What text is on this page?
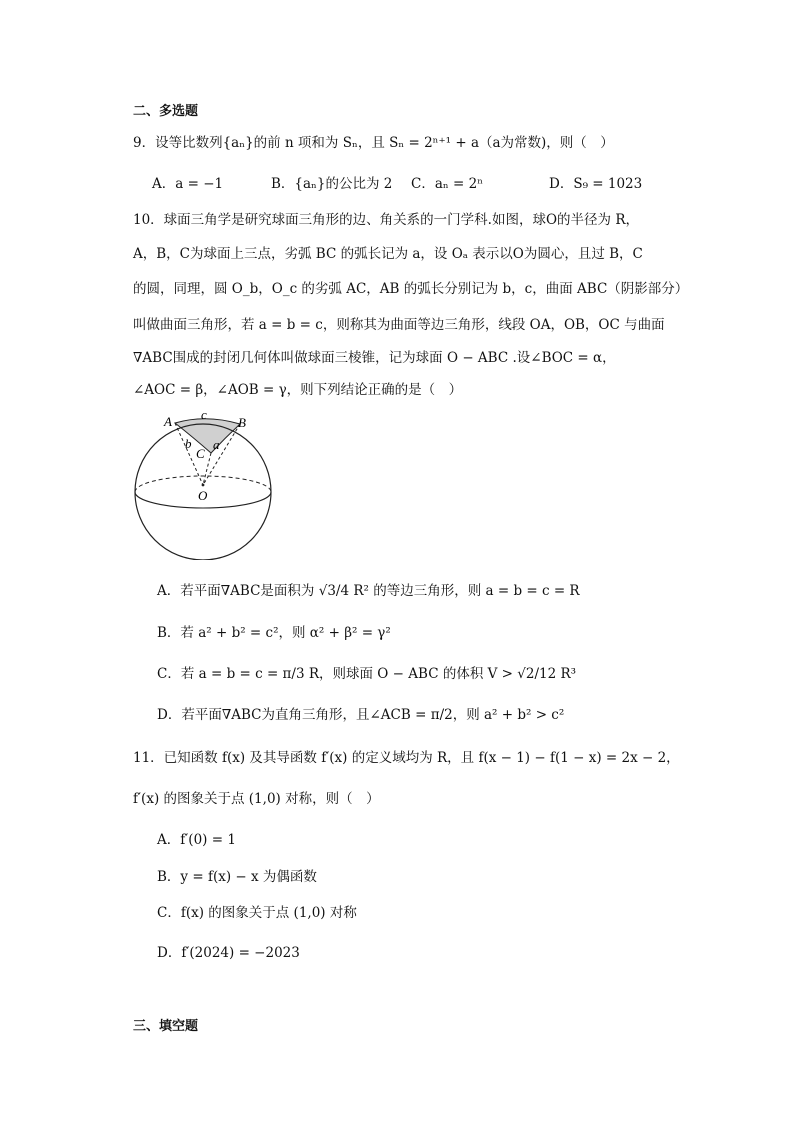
二、多选题
9．设等比数列{aₙ}的前 n 项和为 Sₙ，且 Sₙ = 2ⁿ⁺¹ + a（a为常数)，则（　）
A．a = −1	B．{aₙ}的公比为 2 C．aₙ = 2ⁿ	D．S₉ = 1023
10．球面三角学是研究球面三角形的边、角关系的一门学科.如图，球O的半径为 R，
A，B，C为球面上三点，劣弧 BC 的弧长记为 a，设 Oₐ 表示以O为圆心，且过 B，C
的圆，同理，圆 O_b，O_c 的劣弧 AC，AB 的弧长分别记为 b，c，曲面 ABC（阴影部分）
叫做曲面三角形，若 a = b = c，则称其为曲面等边三角形，线段 OA，OB，OC 与曲面
∇ABC围成的封闭几何体叫做球面三棱锥，记为球面 O − ABC .设∠BOC = α，
∠AOC = β，∠AOB = γ，则下列结论正确的是（　）
A	B
C
O
c
b a
A．若平面∇ABC是面积为 √3/4 R² 的等边三角形，则 a = b = c = R
B．若 a² + b² = c²，则 α² + β² = γ²
C．若 a = b = c = π/3 R，则球面 O − ABC 的体积 V > √2/12 R³
D．若平面∇ABC为直角三角形，且∠ACB = π/2，则 a² + b² > c²
11．已知函数 f(x) 及其导函数 f′(x) 的定义域均为 R，且 f(x − 1) − f(1 − x) = 2x − 2，
f′(x) 的图象关于点 (1,0) 对称，则（　）
A．f′(0) = 1
B．y = f(x) − x 为偶函数
C．f(x) 的图象关于点 (1,0) 对称
D．f′(2024) = −2023
三、填空题
